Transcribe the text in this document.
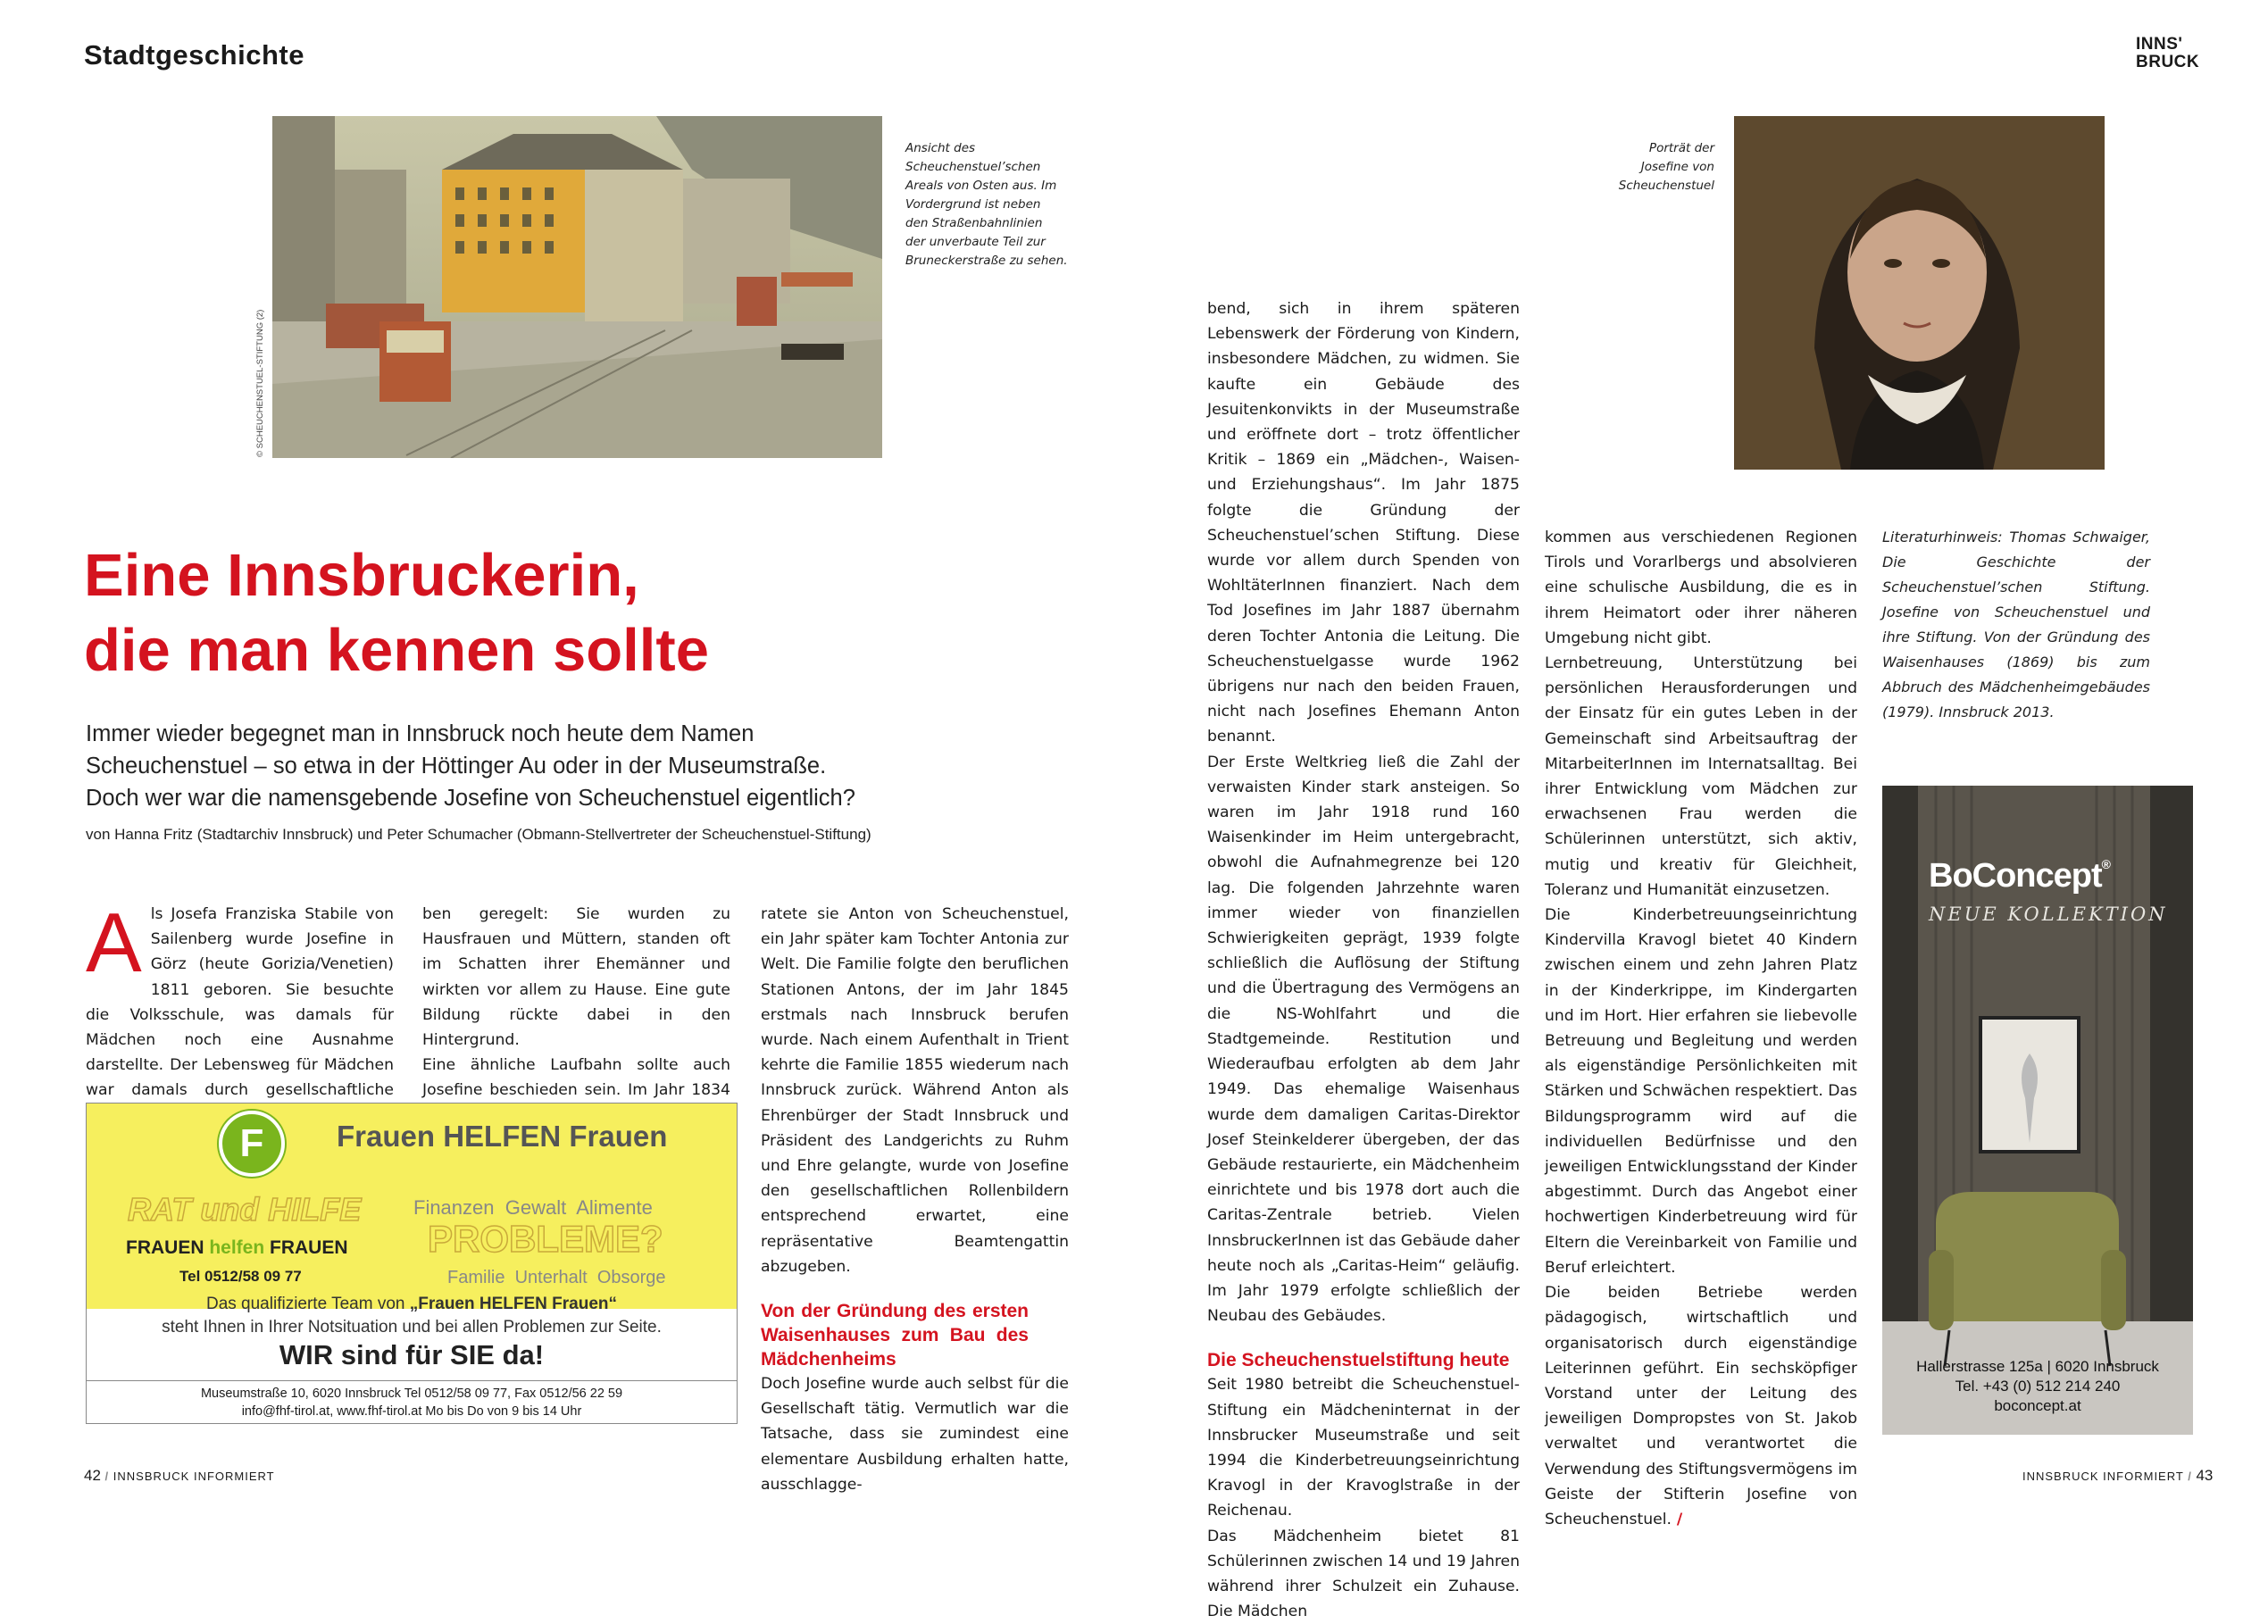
Stadtgeschichte	INNS'
BRUCK
© SCHEUCHENSTUEL-STIFTUNG (2)
Ansicht des
Scheuchenstuel’schen
Areals von Osten aus. Im
Vordergrund ist neben
den Straßenbahnlinien
der unverbaute Teil zur
Bruneckerstraße zu sehen.
Porträt der
Josefine von
Scheuchenstuel
Eine Innsbruckerin,
die man kennen sollte
Immer wieder begegnet man in Innsbruck noch heute dem Namen
Scheuchenstuel – so etwa in der Höttinger Au oder in der Museumstraße.
Doch wer war die namensgebende Josefine von Scheuchenstuel eigentlich?
von Hanna Fritz (Stadtarchiv Innsbruck) und Peter Schumacher (Obmann-Stellvertreter der Scheuchenstuel-Stiftung)
A ls Josefa Franziska Stabile von Sailenberg wurde Josefine in Görz (heute Gorizia/Venetien) 1811 geboren. Sie besuchte die Volksschule, was damals für Mädchen noch eine Ausnahme darstellte. Der Lebensweg für Mädchen war damals durch gesellschaftliche

ben geregelt: Sie wurden zu Hausfrauen und Müttern, standen oft im Schatten ihrer Ehemänner und wirkten vor allem zu Hause. Eine gute Bildung rückte dabei in den Hintergrund.

Eine ähnliche Laufbahn sollte auch Josefine beschieden sein. Im Jahr 1834

ratete sie Anton von Scheuchenstuel, ein Jahr später kam Tochter Antonia zur Welt. Die Familie folgte den beruflichen Stationen Antons, der im Jahr 1845 erstmals nach Innsbruck berufen wurde. Nach einem Aufenthalt in Trient kehrte die Familie 1855 wiederum nach Innsbruck zurück. Während Anton als Ehrenbürger der Stadt Innsbruck und Präsident des Landgerichts zu Ruhm und Ehre gelangte, wurde von Josefine den gesellschaftlichen Rollenbildern entsprechend erwartet, eine repräsentative Beamtengattin abzugeben.

Von der Gründung des ersten Waisenhauses zum Bau des Mädchenheims

Doch Josefine wurde auch selbst für die Gesellschaft tätig. Vermutlich war die Tatsache, dass sie zumindest eine elementare Ausbildung erhalten hatte, ausschlagge-

bend, sich in ihrem späteren Lebenswerk der Förderung von Kindern, insbesondere Mädchen, zu widmen. Sie kaufte ein Gebäude des Jesuitenkonvikts in der Museumstraße und eröffnete dort – trotz öffentlicher Kritik – 1869 ein „Mädchen-, Waisen- und Erziehungshaus“. Im Jahr 1875 folgte die Gründung der Scheuchenstuel’schen Stiftung. Diese wurde vor allem durch Spenden von WohltäterInnen finanziert. Nach dem Tod Josefines im Jahr 1887 übernahm deren Tochter Antonia die Leitung. Die Scheuchenstuelgasse wurde 1962 übrigens nur nach den beiden Frauen, nicht nach Josefines Ehemann Anton benannt.

Der Erste Weltkrieg ließ die Zahl der verwaisten Kinder stark ansteigen. So waren im Jahr 1918 rund 160 Waisenkinder im Heim untergebracht, obwohl die Aufnahmegrenze bei 120 lag. Die folgenden Jahrzehnte waren immer wieder von finanziellen Schwierigkeiten geprägt, 1939 folgte schließlich die Auflösung der Stiftung und die Übertragung des Vermögens an die NS-Wohlfahrt und die Stadtgemeinde. Restitution und Wiederaufbau erfolgten ab dem Jahr 1949. Das ehemalige Waisenhaus wurde dem damaligen Caritas-Direktor Josef Steinkelderer übergeben, der das Gebäude restaurierte, ein Mädchenheim einrichtete und bis 1978 dort auch die Caritas-Zentrale betrieb. Vielen InnsbruckerInnen ist das Gebäude daher heute noch als „Caritas-Heim“ geläufig. Im Jahr 1979 erfolgte schließlich der Neubau des Gebäudes.

Die Scheuchenstuelstiftung heute

Seit 1980 betreibt die Scheuchenstuel-Stiftung ein Mädcheninternat in der Innsbrucker Museumstraße und seit 1994 die Kinderbetreuungseinrichtung Kravogl in der Kravoglstraße in der Reichenau.

Das Mädchenheim bietet 81 Schülerinnen zwischen 14 und 19 Jahren während ihrer Schulzeit ein Zuhause. Die Mädchen

kommen aus verschiedenen Regionen Tirols und Vorarlbergs und absolvieren eine schulische Ausbildung, die es in ihrem Heimatort oder ihrer näheren Umgebung nicht gibt.

Lernbetreuung, Unterstützung bei persönlichen Herausforderungen und der Einsatz für ein gutes Leben in der Gemeinschaft sind Arbeitsauftrag der MitarbeiterInnen im Internatsalltag. Bei ihrer Entwicklung vom Mädchen zur erwachsenen Frau werden die Schülerinnen unterstützt, sich aktiv, mutig und kreativ für Gleichheit, Toleranz und Humanität einzusetzen.

Die Kinderbetreuungseinrichtung Kindervilla Kravogl bietet 40 Kindern zwischen einem und zehn Jahren Platz in der Kinderkrippe, im Kindergarten und im Hort. Hier erfahren sie liebevolle Betreuung und Begleitung und werden als eigenständige Persönlichkeiten mit Stärken und Schwächen respektiert. Das Bildungsprogramm wird auf die individuellen Bedürfnisse und den jeweiligen Entwicklungsstand der Kinder abgestimmt. Durch das Angebot einer hochwertigen Kinderbetreuung wird für Eltern die Vereinbarkeit von Familie und Beruf erleichtert.

Die beiden Betriebe werden pädagogisch, wirtschaftlich und organisatorisch durch eigenständige Leiterinnen geführt. Ein sechsköpfiger Vorstand unter der Leitung des jeweiligen Dompropstes von St. Jakob verwaltet und verantwortet die Verwendung des Stiftungsvermögens im Geiste der Stifterin Josefine von Scheuchenstuel. /

Literaturhinweis: Thomas Schwaiger, Die Geschichte der Scheuchenstuel’schen Stiftung. Josefine von Scheuchenstuel und ihre Stiftung. Von der Gründung des Waisenhauses (1869) bis zum Abbruch des Mädchenheimgebäudes (1979). Innsbruck 2013.
F	Frauen HELFEN Frauen
RAT und HILFE
FRAUEN helfen FRAUEN
Tel 0512/58 09 77
Finanzen  Gewalt  Alimente
PROBLEME?
Familie  Unterhalt  Obsorge
Das qualifizierte Team von „Frauen HELFEN Frauen“
steht Ihnen in Ihrer Notsituation und bei allen Problemen zur Seite.
WIR sind für SIE da!
Museumstraße 10, 6020 Innsbruck Tel 0512/58 09 77, Fax 0512/56 22 59
info@fhf-tirol.at, www.fhf-tirol.at Mo bis Do von 9 bis 14 Uhr
BoConcept®
NEUE KOLLEKTION
Hallerstrasse 125a | 6020 Innsbruck
Tel. +43 (0) 512 214 240
boconcept.at
42 / INNSBRUCK INFORMIERT	INNSBRUCK INFORMIERT / 43
